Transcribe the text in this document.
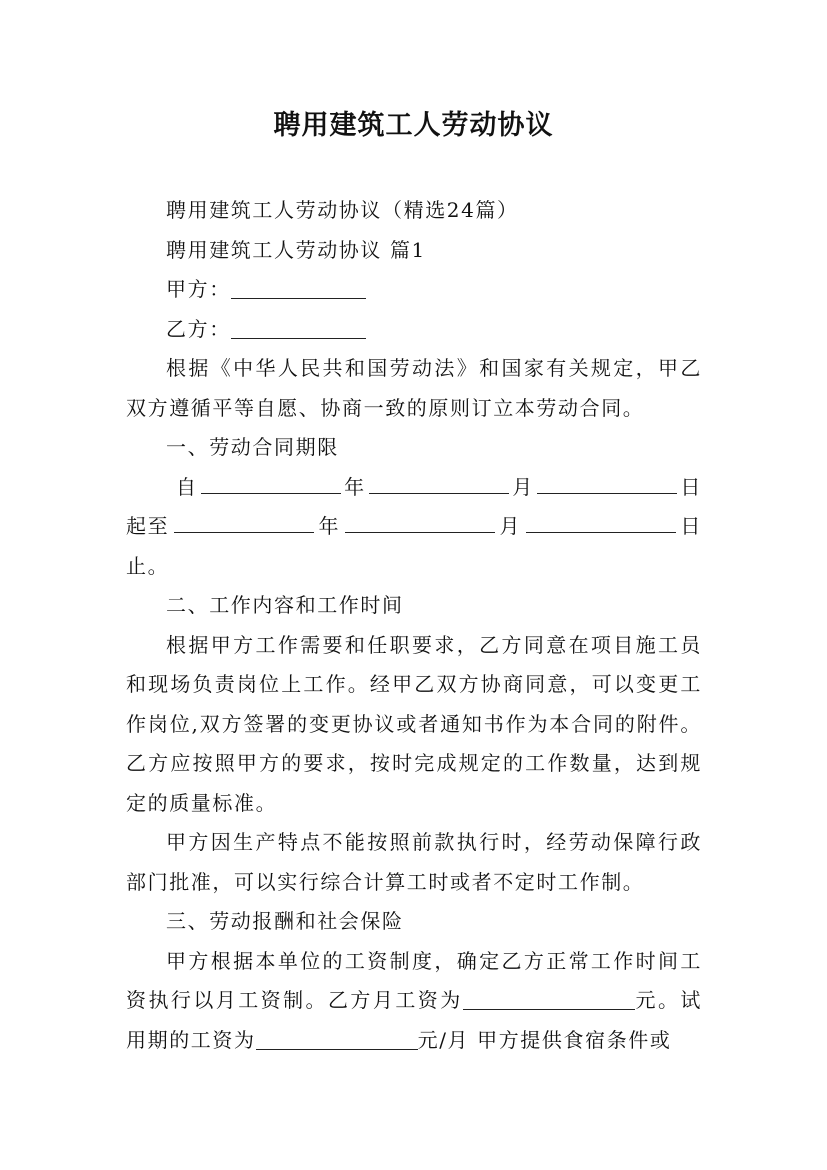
聘用建筑工人劳动协议

聘用建筑工人劳动协议（精选24篇）

聘用建筑工人劳动协议 篇1

甲方：

乙方：

根据《中华人民共和国劳动法》和国家有关规定，甲乙双方遵循平等自愿、协商一致的原则订立本劳动合同。

一、劳动合同期限

自	年	月	日
起至	年	月	日

止。

二、工作内容和工作时间

根据甲方工作需要和任职要求，乙方同意在项目施工员和现场负责岗位上工作。经甲乙双方协商同意，可以变更工作岗位,双方签署的变更协议或者通知书作为本合同的附件。乙方应按照甲方的要求，按时完成规定的工作数量，达到规定的质量标准。

甲方因生产特点不能按照前款执行时，经劳动保障行政部门批准，可以实行综合计算工时或者不定时工作制。

三、劳动报酬和社会保险

甲方根据本单位的工资制度，确定乙方正常工作时间工资执行以月工资制。乙方月工资为	元。试用期的工资为	元/月 甲方提供食宿条件或
